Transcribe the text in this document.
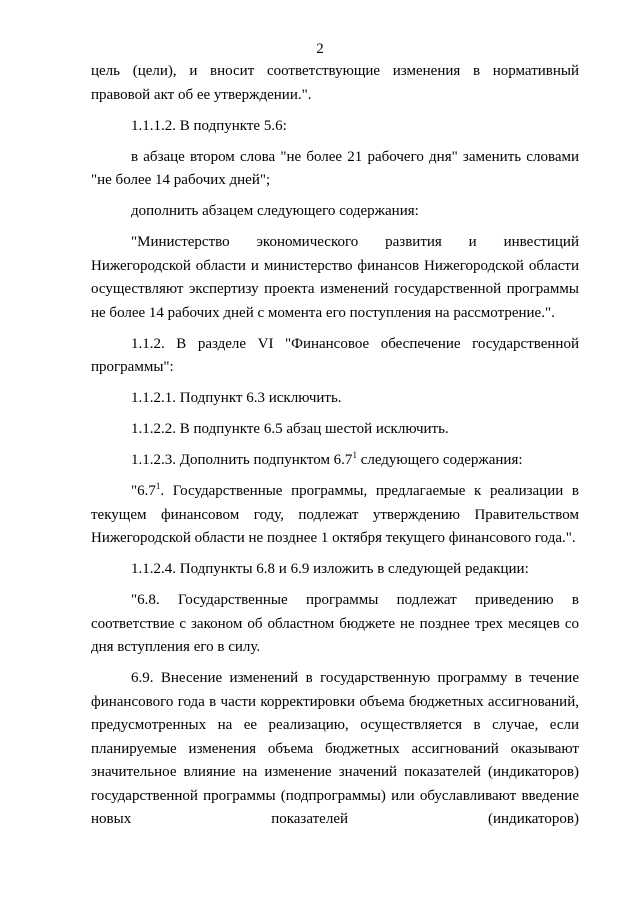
2

цель (цели), и вносит соответствующие изменения в нормативный правовой акт об ее утверждении.".

1.1.1.2. В подпункте 5.6:

в абзаце втором слова "не более 21 рабочего дня" заменить словами "не более 14 рабочих дней";

дополнить абзацем следующего содержания:

"Министерство экономического развития и инвестиций Нижегородской области и министерство финансов Нижегородской области осуществляют экспертизу проекта изменений государственной программы не более 14 рабочих дней с момента его поступления на рассмотрение.".

1.1.2. В разделе VI "Финансовое обеспечение государственной программы":

1.1.2.1. Подпункт 6.3 исключить.

1.1.2.2. В подпункте 6.5 абзац шестой исключить.

1.1.2.3. Дополнить подпунктом $6.7^1$ следующего содержания:

"$6.7^1$. Государственные программы, предлагаемые к реализации в текущем финансовом году, подлежат утверждению Правительством Нижегородской области не позднее 1 октября текущего финансового года.".

1.1.2.4. Подпункты 6.8 и 6.9 изложить в следующей редакции:

"6.8. Государственные программы подлежат приведению в соответствие с законом об областном бюджете не позднее трех месяцев со дня вступления его в силу.

6.9. Внесение изменений в государственную программу в течение финансового года в части корректировки объема бюджетных ассигнований, предусмотренных на ее реализацию, осуществляется в случае, если планируемые изменения объема бюджетных ассигнований оказывают значительное влияние на изменение значений показателей (индикаторов) государственной программы (подпрограммы) или обуславливают введение новых показателей (индикаторов)
